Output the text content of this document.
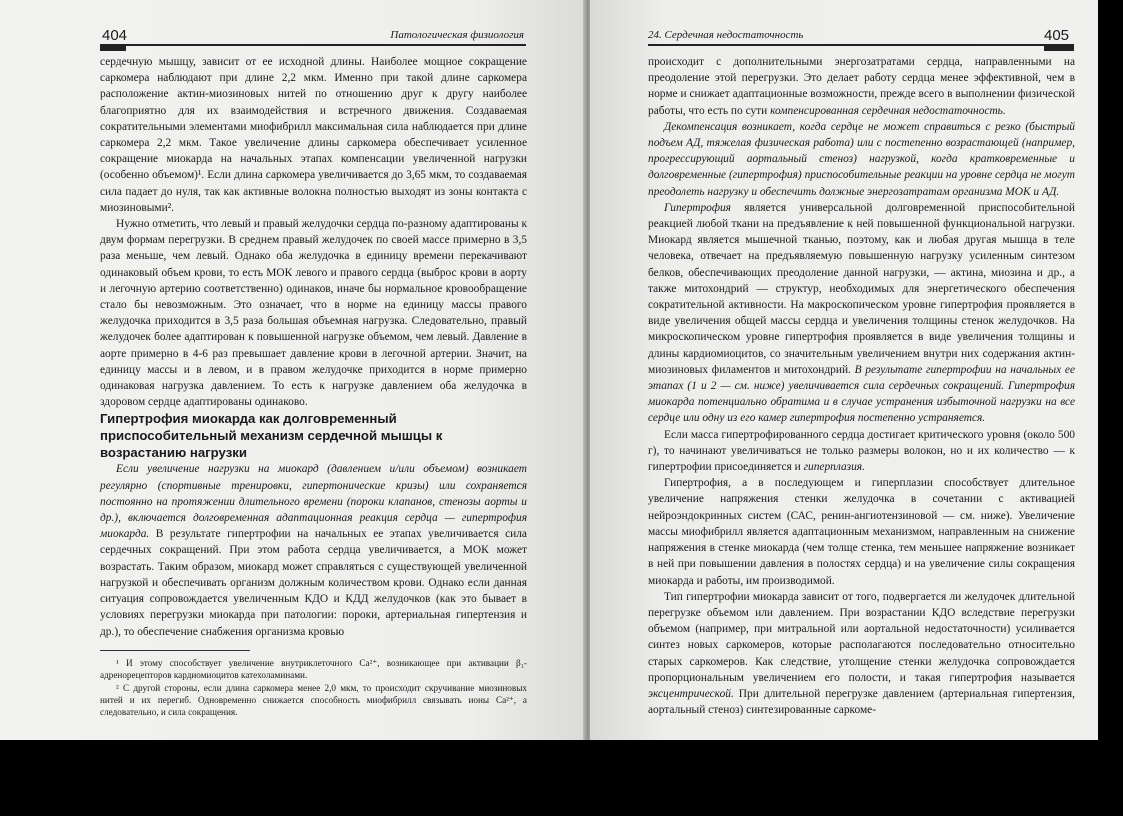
404	Патологическая физиология

сердечную мышцу, зависит от ее исходной длины. Наиболее мощное сокращение саркомера наблюдают при длине 2,2 мкм. Именно при такой длине саркомера расположение актин-миозиновых нитей по отношению друг к другу наиболее благоприятно для их взаимодействия и встречного движения. Создаваемая сократительными элементами миофибрилл максимальная сила наблюдается при длине саркомера 2,2 мкм. Такое увеличение длины саркомера обеспечивает усиленное сокращение миокарда на начальных этапах компенсации увеличенной нагрузки (особенно объемом)¹. Если длина саркомера увеличивается до 3,65 мкм, то создаваемая сила падает до нуля, так как активные волокна полностью выходят из зоны контакта с миозиновыми².

Нужно отметить, что левый и правый желудочки сердца по-разному адаптированы к двум формам перегрузки. В среднем правый желудочек по своей массе примерно в 3,5 раза меньше, чем левый. Однако оба желудочка в единицу времени перекачивают одинаковый объем крови, то есть МОК левого и правого сердца (выброс крови в аорту и легочную артерию соответственно) одинаков, иначе бы нормальное кровообращение стало бы невозможным. Это означает, что в норме на единицу массы правого желудочка приходится в 3,5 раза большая объемная нагрузка. Следовательно, правый желудочек более адаптирован к повышенной нагрузке объемом, чем левый. Давление в аорте примерно в 4-6 раз превышает давление крови в легочной артерии. Значит, на единицу массы и в левом, и в правом желудочке приходится в норме примерно одинаковая нагрузка давлением. То есть к нагрузке давлением оба желудочка в здоровом сердце адаптированы одинаково.

Гипертрофия миокарда как долговременный приспособительный механизм сердечной мышцы к возрастанию нагрузки

Если увеличение нагрузки на миокард (давлением и/или объемом) возникает регулярно (спортивные тренировки, гипертонические кризы) или сохраняется постоянно на протяжении длительного времени (пороки клапанов, стенозы аорты и др.), включается долговременная адаптационная реакция сердца — гипертрофия миокарда. В результате гипертрофии на начальных ее этапах увеличивается сила сердечных сокращений. При этом работа сердца увеличивается, а МОК может возрастать. Таким образом, миокард может справляться с существующей увеличенной нагрузкой и обеспечивать организм должным количеством крови. Однако если данная ситуация сопровождается увеличенным КДО и КДД желудочков (как это бывает в условиях перегрузки миокарда при патологии: пороки, артериальная гипертензия и др.), то обеспечение снабжения организма кровью

¹ И этому способствует увеличение внутриклеточного Ca²⁺, возникающее при активации β₁-адренорецепторов кардиомиоцитов катехоламинами.

² С другой стороны, если длина саркомера менее 2,0 мкм, то происходит скручивание миозиновых нитей и их перегиб. Одновременно снижается способность миофибрилл связывать ионы Ca²⁺, а следовательно, и сила сокращения.

24. Сердечная недостаточность	405

происходит с дополнительными энергозатратами сердца, направленными на преодоление этой перегрузки. Это делает работу сердца менее эффективной, чем в норме и снижает адаптационные возможности, прежде всего в выполнении физической работы, что есть по сути компенсированная сердечная недостаточность.

Декомпенсация возникает, когда сердце не может справиться с резко (быстрый подъем АД, тяжелая физическая работа) или с постепенно возрастающей (например, прогрессирующий аортальный стеноз) нагрузкой, когда кратковременные и долговременные (гипертрофия) приспособительные реакции на уровне сердца не могут преодолеть нагрузку и обеспечить должные энергозатратам организма МОК и АД.

Гипертрофия является универсальной долговременной приспособительной реакцией любой ткани на предъявление к ней повышенной функциональной нагрузки. Миокард является мышечной тканью, поэтому, как и любая другая мышца в теле человека, отвечает на предъявляемую повышенную нагрузку усиленным синтезом белков, обеспечивающих преодоление данной нагрузки, — актина, миозина и др., а также митохондрий — структур, необходимых для энергетического обеспечения сократительной активности. На макроскопическом уровне гипертрофия проявляется в виде увеличения общей массы сердца и увеличения толщины стенок желудочков. На микроскопическом уровне гипертрофия проявляется в виде увеличения толщины и длины кардиомиоцитов, со значительным увеличением внутри них содержания актин-миозиновых филаментов и митохондрий. В результате гипертрофии на начальных ее этапах (1 и 2 — см. ниже) увеличивается сила сердечных сокращений. Гипертрофия миокарда потенциально обратима и в случае устранения избыточной нагрузки на все сердце или одну из его камер гипертрофия постепенно устраняется.

Если масса гипертрофированного сердца достигает критического уровня (около 500 г), то начинают увеличиваться не только размеры волокон, но и их количество — к гипертрофии присоединяется и гиперплазия.

Гипертрофия, а в последующем и гиперплазии способствует длительное увеличение напряжения стенки желудочка в сочетании с активацией нейроэндокринных систем (САС, ренин-ангиотензиновой — см. ниже). Увеличение массы миофибрилл является адаптационным механизмом, направленным на снижение напряжения в стенке миокарда (чем толще стенка, тем меньшее напряжение возникает в ней при повышении давления в полостях сердца) и на увеличение силы сокращения миокарда и работы, им производимой.

Тип гипертрофии миокарда зависит от того, подвергается ли желудочек длительной перегрузке объемом или давлением. При возрастании КДО вследствие перегрузки объемом (например, при митральной или аортальной недостаточности) усиливается синтез новых саркомеров, которые располагаются последовательно относительно старых саркомеров. Как следствие, утолщение стенки желудочка сопровождается пропорциональным увеличением его полости, и такая гипертрофия называется эксцентрической. При длительной перегрузке давлением (артериальная гипертензия, аортальный стеноз) синтезированные саркоме-
